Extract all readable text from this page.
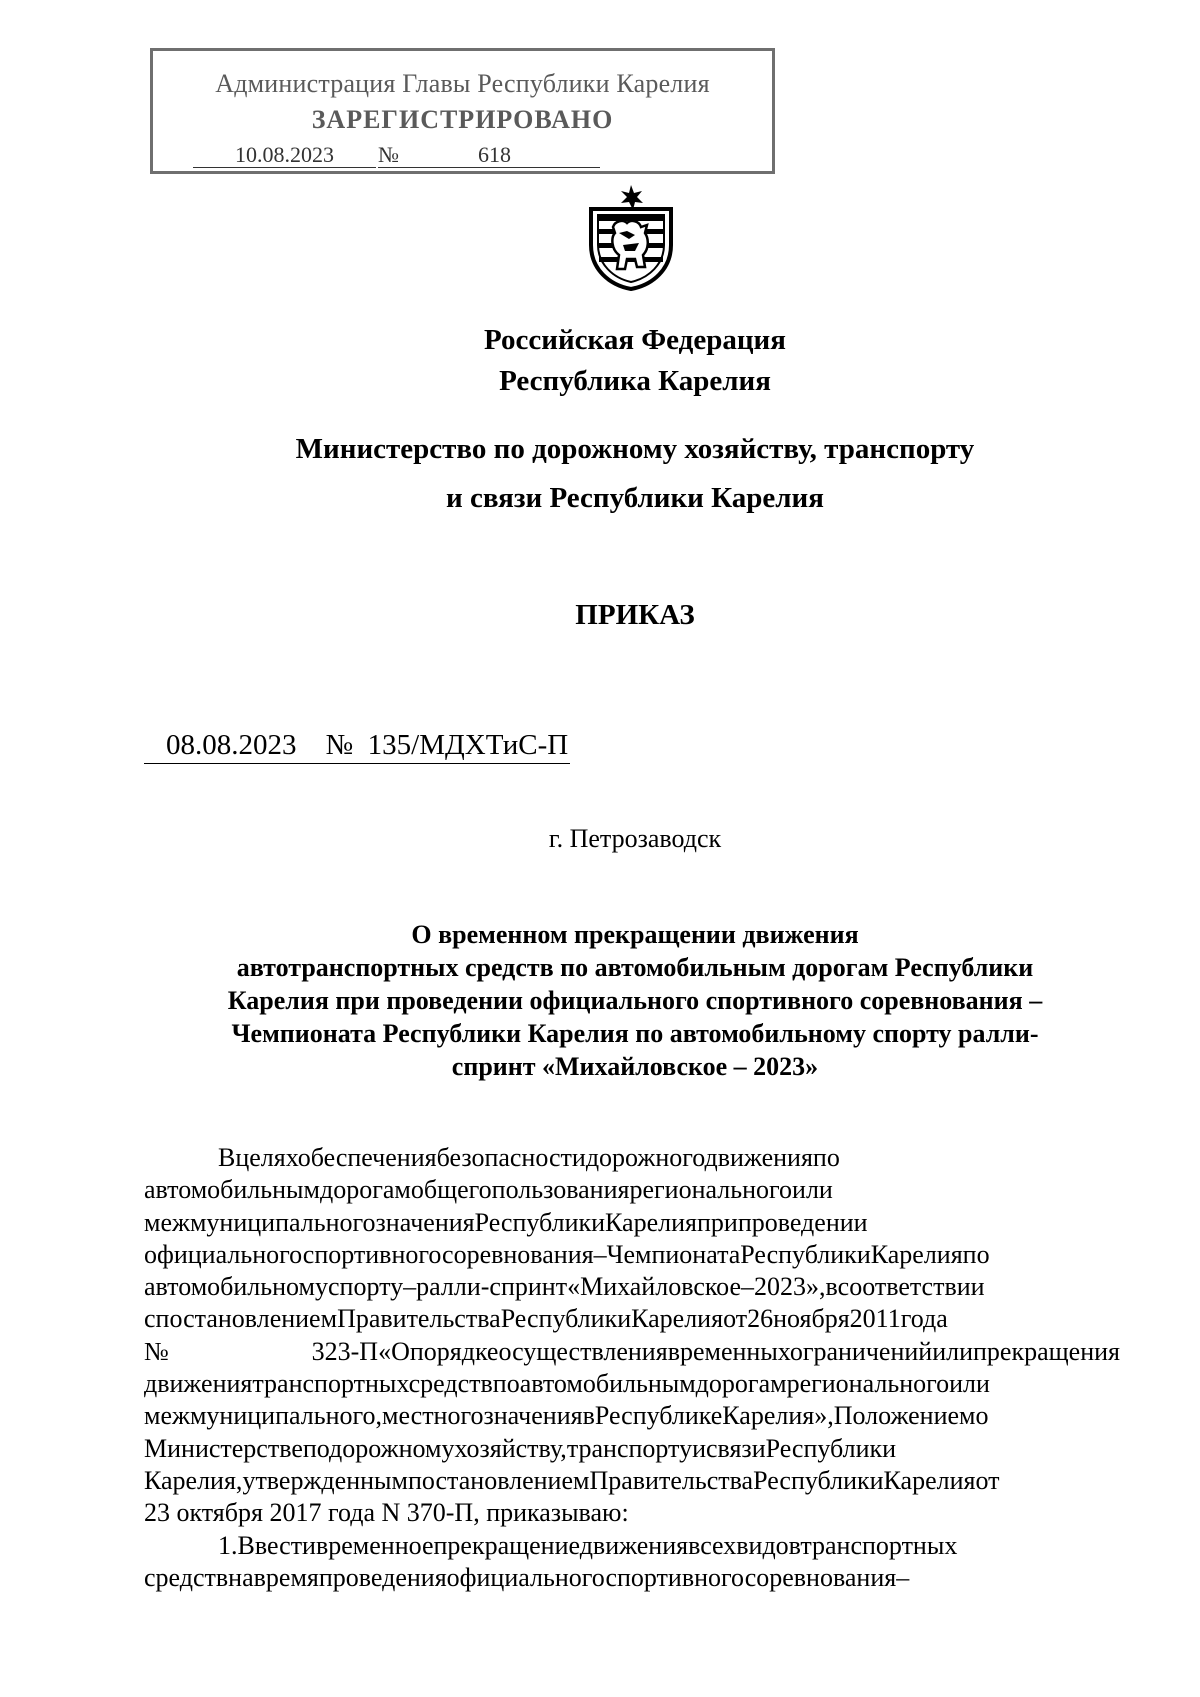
Администрация Главы Республики Карелия
ЗАРЕГИСТРИРОВАНО
10.08.2023	№	618
Российская Федерация
Республика Карелия
Министерство по дорожному хозяйству, транспорту
и связи Республики Карелия
ПРИКАЗ
08.08.2023    №  135/МДХТиС-П
г. Петрозаводск
О временном прекращении движения
автотранспортных средств по автомобильным дорогам Республики
Карелия при проведении официального спортивного соревнования –
Чемпионата Республики Карелия по автомобильному спорту ралли-
спринт «Михайловское – 2023»
Вцеляхобеспечениябезопасностидорожногодвиженияпо
автомобильнымдорогамобщегопользованиярегиональногоили
межмуниципальногозначенияРеспубликиКарелияприпроведении
официальногоспортивногосоревнования–ЧемпионатаРеспубликиКарелияпо
автомобильномуспорту–ралли-спринт«Михайловское–2023»,всоответствии
спостановлениемПравительстваРеспубликиКарелияот26ноября2011года
№323-П«Опорядкеосуществлениявременныхограниченийилипрекращения
движениятранспортныхсредствпоавтомобильнымдорогамрегиональногоили
межмуниципального,местногозначениявРеспубликеКарелия»,Положениемо
Министерствеподорожномухозяйству,транспортуисвязиРеспублики
Карелия,утвержденнымпостановлениемПравительстваРеспубликиКарелияот
23 октября 2017 года N 370-П, приказываю:
1.Ввестивременноепрекращениедвижениявсехвидовтранспортных
средствнавремяпроведенияофициальногоспортивногосоревнования–
